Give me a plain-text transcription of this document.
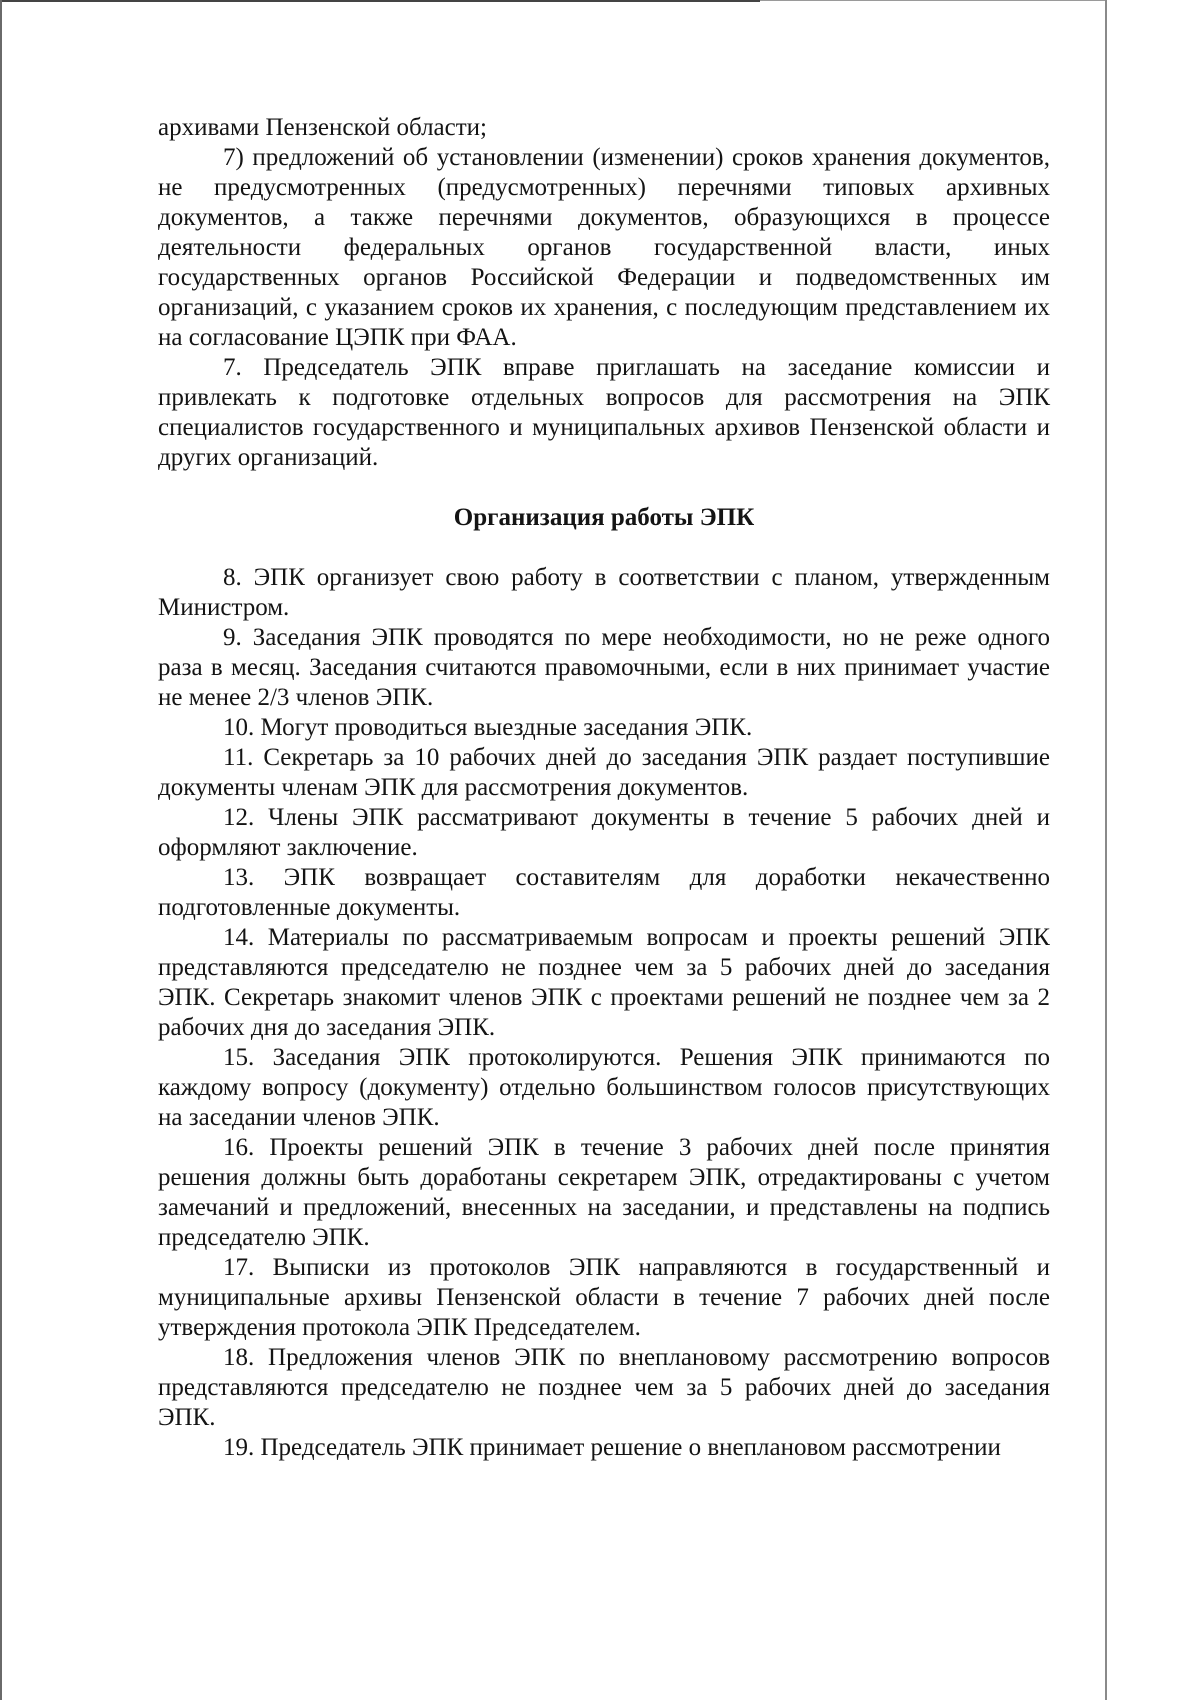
архивами Пензенской области;

7) предложений об установлении (изменении) сроков хранения документов, не предусмотренных (предусмотренных) перечнями типовых архивных документов, а также перечнями документов, образующихся в процессе деятельности федеральных органов государственной власти, иных государственных органов Российской Федерации и подведомственных им организаций, с указанием сроков их хранения, с последующим представлением их на согласование ЦЭПК при ФАА.

7. Председатель ЭПК вправе приглашать на заседание комиссии и привлекать к подготовке отдельных вопросов для рассмотрения на ЭПК специалистов государственного и муниципальных архивов Пензенской области и других организаций.

Организация работы ЭПК

8. ЭПК организует свою работу в соответствии с планом, утвержденным Министром.

9. Заседания ЭПК проводятся по мере необходимости, но не реже одного раза в месяц. Заседания считаются правомочными, если в них принимает участие не менее 2/3 членов ЭПК.

10. Могут проводиться выездные заседания ЭПК.

11. Секретарь за 10 рабочих дней до заседания ЭПК раздает поступившие документы членам ЭПК для рассмотрения документов.

12. Члены ЭПК рассматривают документы в течение 5 рабочих дней и оформляют заключение.

13. ЭПК возвращает составителям для доработки некачественно подготовленные документы.

14. Материалы по рассматриваемым вопросам и проекты решений ЭПК представляются председателю не позднее чем за 5 рабочих дней до заседания ЭПК. Секретарь знакомит членов ЭПК с проектами решений не позднее чем за 2 рабочих дня до заседания ЭПК.

15. Заседания ЭПК протоколируются. Решения ЭПК принимаются по каждому вопросу (документу) отдельно большинством голосов присутствующих на заседании членов ЭПК.

16. Проекты решений ЭПК в течение 3 рабочих дней после принятия решения должны быть доработаны секретарем ЭПК, отредактированы с учетом замечаний и предложений, внесенных на заседании, и представлены на подпись председателю ЭПК.

17. Выписки из протоколов ЭПК направляются в государственный и муниципальные архивы Пензенской области в течение 7 рабочих дней после утверждения протокола ЭПК Председателем.

18. Предложения членов ЭПК по внеплановому рассмотрению вопросов представляются председателю не позднее чем за 5 рабочих дней до заседания ЭПК.

19. Председатель ЭПК принимает решение о внеплановом рассмотрении
